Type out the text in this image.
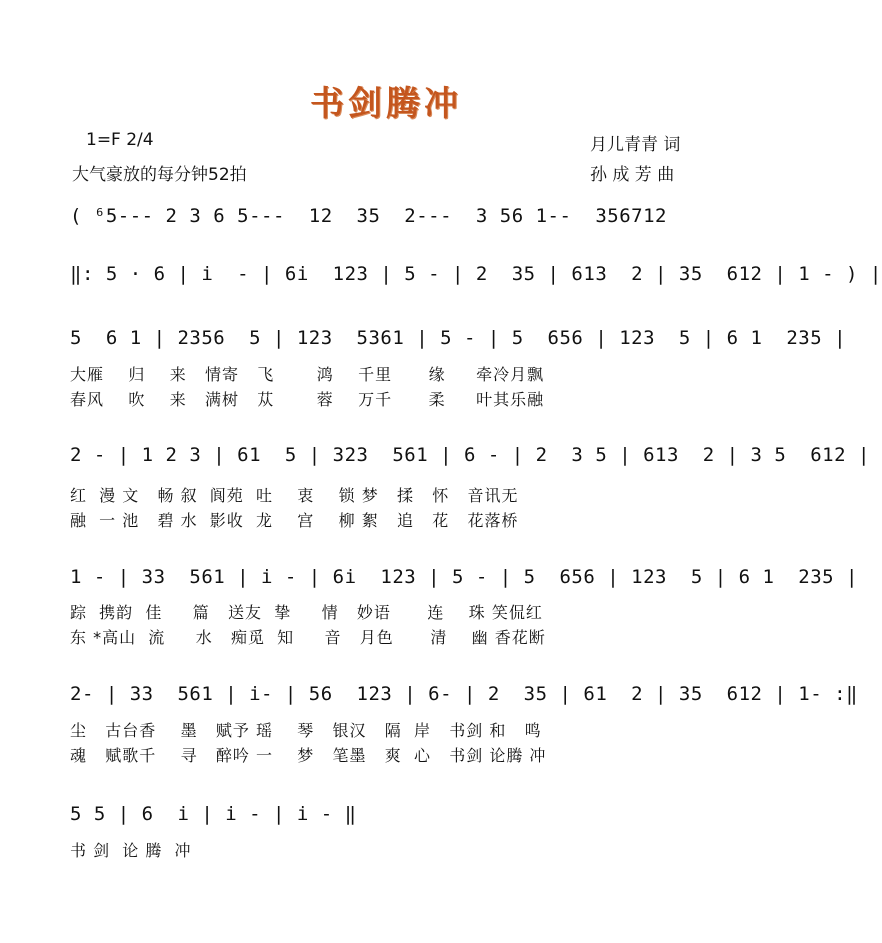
书剑腾冲
1=F 2/4
大气豪放的每分钟52拍
月儿青青 词
孙 成 芳 曲
( ⁶5--- 2 3 6 5---  12  35  2---  3 56 1--  356712
‖: 5 · 6 | i  - | 6i  123 | 5 - | 2  35 | 613  2 | 35  612 | 1 - ) |
5  6 1 | 2356  5 | 123  5361 | 5 - | 5  656 | 123  5 | 6 1  235 |
大雁    归    来   情寄   飞       鸿    千里      缘     牵冷月飘
春风    吹    来   满树   苁       蓉    万千      柔     叶其乐融
2 - | 1 2 3 | 61  5 | 323  561 | 6 - | 2  3 5 | 613  2 | 3 5  612 |
红  漫 文   畅 叙  阆苑  吐    衷    锁 梦   揉   怀   音讯无
融  一 池   碧 水  影收  龙    宫    柳 絮   追   花   花落桥
1 - | 33  561 | i - | 6i  123 | 5 - | 5  656 | 123  5 | 6 1  235 |
踪  携韵  佳     篇   送友  挚     情   妙语      连    珠 笑侃红
东 *高山  流     水   痴觅  知     音   月色      清    幽 香花断
2- | 33  561 | i- | 56  123 | 6- | 2  35 | 61  2 | 35  612 | 1- :‖
尘   古台香    墨   赋予 瑶    琴   银汉   隔  岸   书剑 和   鸣
魂   赋歌千    寻   醉吟 一    梦   笔墨   爽  心   书剑 论腾 冲
5 5 | 6  i | i - | i - ‖
书 剑  论 腾  冲
